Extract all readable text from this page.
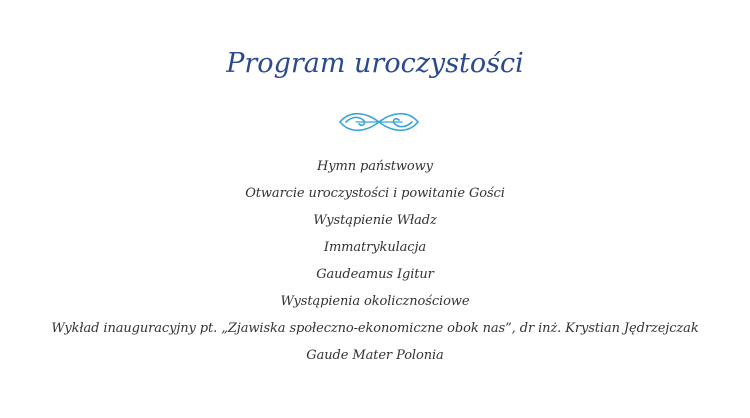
Program uroczystości
Hymn państwowy
Otwarcie uroczystości i powitanie Gości
Wystąpienie Władz
Immatrykulacja
Gaudeamus Igitur
Wystąpienia okolicznościowe
Wykład inauguracyjny pt. „Zjawiska społeczno-ekonomiczne obok nas”, dr inż. Krystian Jędrzejczak
Gaude Mater Polonia
